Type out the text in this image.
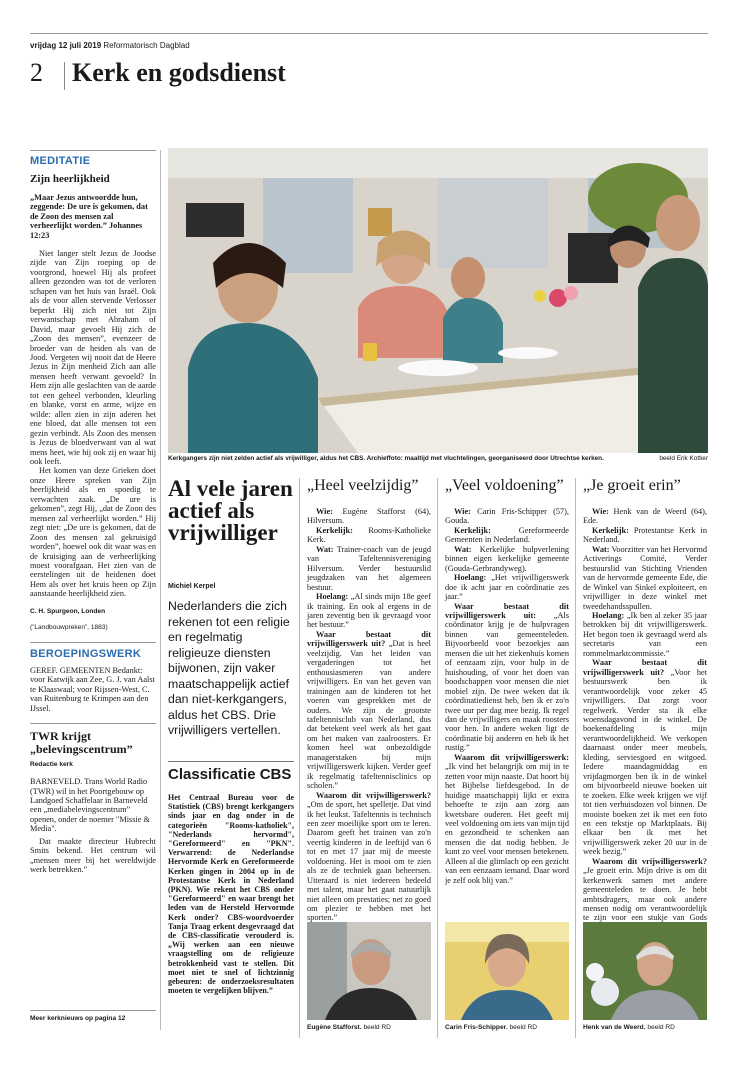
vrijdag 12 juli 2019 Reformatorisch Dagblad
2 Kerk en godsdienst
MEDITATIE
Zijn heerlijkheid
„Maar Jezus antwoordde hun, zeggende: De ure is gekomen, dat de Zoon des mensen zal verheerlijkt worden.” Johannes 12:23
Niet langer stelt Jezus de Joodse zijde van Zijn roeping op de voorgrond, hoewel Hij als profeet alleen gezonden was tot de verloren schapen van het huis van Israël. Ook als de voor allen stervende Verlosser beperkt Hij zich niet tot Zijn verwantschap met Abraham of David, maar gevoelt Hij zich de „Zoon des mensen”, evenzeer de broeder van de heiden als van de Jood. Vergeten wij nooit dat de Heere Jezus in Zijn menheid Zich aan alle mensen heeft verwant gevoeld? In Hem zijn alle geslachten van de aarde tot een geheel verbonden, kleurling en blanke, vorst en arme, wijze en wilde: allen zien in zijn aderen het ene bloed, dat alle mensen tot een gezin verbindt. Als Zoon des mensen is Jezus de bloedverwant van al wat mens heet, wie hij ook zij en waar hij ook leeft.
Het komen van deze Grieken doet onze Heere spreken van Zijn heerlijkheid als en spoedig te verwachten zaak. „De ure is gekomen”, zegt Hij, „dat de Zoon des mensen zal verheerlijkt worden.” Hij zegt niet: „De ure is gekomen, dat de Zoon des mensen zal gekruisigd worden”, hoewel ook dit waar was en de kruisiging aan de verheerlijking moest voorafgaan. Het zien van de eerstelingen uit de heidenen doet Hem als over het kruis heen op Zijn aanstaande heerlijkheid zien.
C. H. Spurgeon, Londen
(”Landbouwpreken”, 1883)
BEROEPINGSWERK
GEREF. GEMEENTEN Bedankt: voor Katwijk aan Zee, G. J. van Aalst te Klaaswaal; voor Rijssen-West, C. van Ruitenburg te Krimpen aan den IJssel.
TWR krijgt „belevingscentrum”
Redactie kerk
BARNEVELD. Trans World Radio (TWR) wil in het Poortgebouw op Landgoed Schaffelaar in Barneveld een „mediabelevingscentrum” openen, onder de noemer "Missie & Media".
Dat maakte directeur Hubrecht Smits bekend. Het centrum wil „mensen meer bij het wereldwijde werk betrekken.”
Meer kerknieuws op pagina 12
Kerkgangers zijn niet zelden actief als vrijwilliger, aldus het CBS. Archieffoto: maaltijd met vluchtelingen, georganiseerd door Utrechtse kerken.	beeld Erik Kottier
Al vele jaren actief als vrijwilliger
Michiel Kerpel
Nederlanders die zich rekenen tot een religie en regelmatig religieuze diensten bijwonen, zijn vaker maatschappelijk actief dan niet-kerkgangers, aldus het CBS. Drie vrijwilligers vertellen.
Classificatie CBS
Het Centraal Bureau voor de Statistiek (CBS) brengt kerkgangers sinds jaar en dag onder in de categorieën "Rooms-katholiek", "Nederlands hervormd", "Gereformeerd" en "PKN". Verwarrend: de Nederlandse Hervormde Kerk en Gereformeerde Kerken gingen in 2004 op in de Protestantse Kerk in Nederland (PKN). Wie rekent het CBS onder "Gereformeerd" en waar brengt het leden van de Hersteld Hervormde Kerk onder? CBS-woordvoerder Tanja Traag erkent desgevraagd dat de CBS-classificatie verouderd is. „Wij werken aan een nieuwe vraagstelling om de religieuze betrokkenheid vast te stellen. Dit moet niet te snel of lichtzinnig gebeuren: de onderzoeksresultaten moeten te vergelijken blijven.”
„Heel veelzijdig”
Wie: Eugène Stafforst (64), Hilversum.
Kerkelijk: Rooms-Katholieke Kerk.
Wat: Trainer-coach van de jeugd van Tafeltennisvereniging Hilversum. Verder bestuurslid jeugdzaken van het algemeen bestuur.
Hoelang: „Al sinds mijn 18e geef ik training. En ook al ergens in de jaren zeventig ben ik gevraagd voor het bestuur.”
Waar bestaat dit vrijwilligerswerk uit? „Dat is heel veelzijdig. Van het leiden van vergaderingen tot het enthousiasmeren van andere vrijwilligers. En van het geven van trainingen aan de kinderen tot het voeren van gesprekken met de ouders. We zijn de grootste tafeltennisclub van Nederland, dus dat betekent veel werk als het gaat om het maken van zaalroosters. Er komen heel wat onbezoldigde managerstaken bij mijn vrijwilligerswerk kijken. Verder geef ik regelmatig tafeltennisclinics op scholen.”
Waarom dit vrijwilligerswerk? „Om de sport, het spelletje. Dat vind ik het leukst. Tafeltennis is technisch een zeer moeilijke sport om te leren. Daarom geeft het trainen van zo'n veertig kinderen in de leeftijd van 6 tot en met 17 jaar mij de meeste voldoening. Het is mooi om te zien als ze de techniek gaan beheersen. Uiteraard is niet iedereen bedeeld met talent, maar het gaat natuurlijk niet alleen om prestaties; net zo goed om plezier te hebben met het sporten.”
„Veel voldoening”
Wie: Carin Fris-Schipper (57), Gouda.
Kerkelijk:	Gereformeerde Gemeenten in Nederland.
Wat: Kerkelijke hulpverlening binnen eigen kerkelijke gemeente (Gouda-Gerbrandyweg).
Hoelang: „Het vrijwilligerswerk doe ik acht jaar en coördinatie zes jaar.”
Waar bestaat dit vrijwilligerswerk uit: „Als coördinator krijg je de hulpvragen binnen van gemeenteleden. Bijvoorbeeld voor bezoekjes aan mensen die uit het ziekenhuis komen of eenzaam zijn, voor hulp in de huishouding, of voor het doen van boodschappen voor mensen die niet mobiel zijn. De twee weken dat ik coördinatiedienst heb, ben ik er zo'n twee uur per dag mee bezig. Ik regel dan de vrijwilligers en maak roosters voor hen. In andere weken ligt de coördinatie bij anderen en heb ik het rustig.”
Waarom dit vrijwilligerswerk: „Ik vind het belangrijk om mij in te zetten voor mijn naaste. Dat hoort bij het Bijbelse liefdesgebod. In de huidige maatschappij lijkt er extra behoefte te zijn aan zorg aan kwetsbare ouderen. Het geeft mij veel voldoening om iets van mijn tijd en gezondheid te schenken aan mensen die dat nodig hebben. Je kunt zo veel voor mensen betekenen. Alleen al die glimlach op een gezicht van een eenzaam iemand. Daar word je zelf ook blij van.”
„Je groeit erin”
Wie: Henk van de Weerd (64), Ede.
Kerkelijk: Protestantse Kerk in Nederland.
Wat: Voorzitter van het Hervormd Activerings Comité, Verder bestuurslid van Stichting Vrienden van de hervormde gemeente Ede, die de Winkel van Sinkel exploiteert, en vrijwilliger in deze winkel met tweedehandsspullen.
Hoelang: „Ik ben al zeker 35 jaar betrokken bij dit vrijwilligerswerk. Het begon toen ik gevraagd werd als secretaris van een rommelmarktcommissie.”
Waar bestaat dit vrijwilligerswerk uit? „Voor het bestuurswerk ben ik verantwoordelijk voor zeker 45 vrijwilligers. Dat zorgt voor regelwerk. Verder sta ik elke woensdagavond in de winkel. De boekenafdeling is mijn verantwoordelijkheid. We verkopen daarnaast onder meer meubels, kleding, serviesgoed en witgoed. Iedere maandagmiddag en vrijdagmorgen ben ik in de winkel om bijvoorbeeld nieuwe boeken uit te zoeken. Elke week krijgen we vijf tot tien verhuisdozen vol binnen. De mooiste boeken zet ik met een foto en een tekstje op Marktplaats. Bij elkaar ben ik met het vrijwilligerswerk zeker 20 uur in de week bezig.”
Waarom dit vrijwilligerswerk? „Je groeit erin. Mijn drive is om dit kerkenwerk samen met andere gemeenteleden te doen. Je hebt ambtsdragers, maar ook andere mensen nodig om verantwoordelijk te zijn voor een stukje van Gods
Eugène Stafforst. beeld RD	Carin Fris-Schipper. beeld RD	Henk van de Weerd. beeld RD
